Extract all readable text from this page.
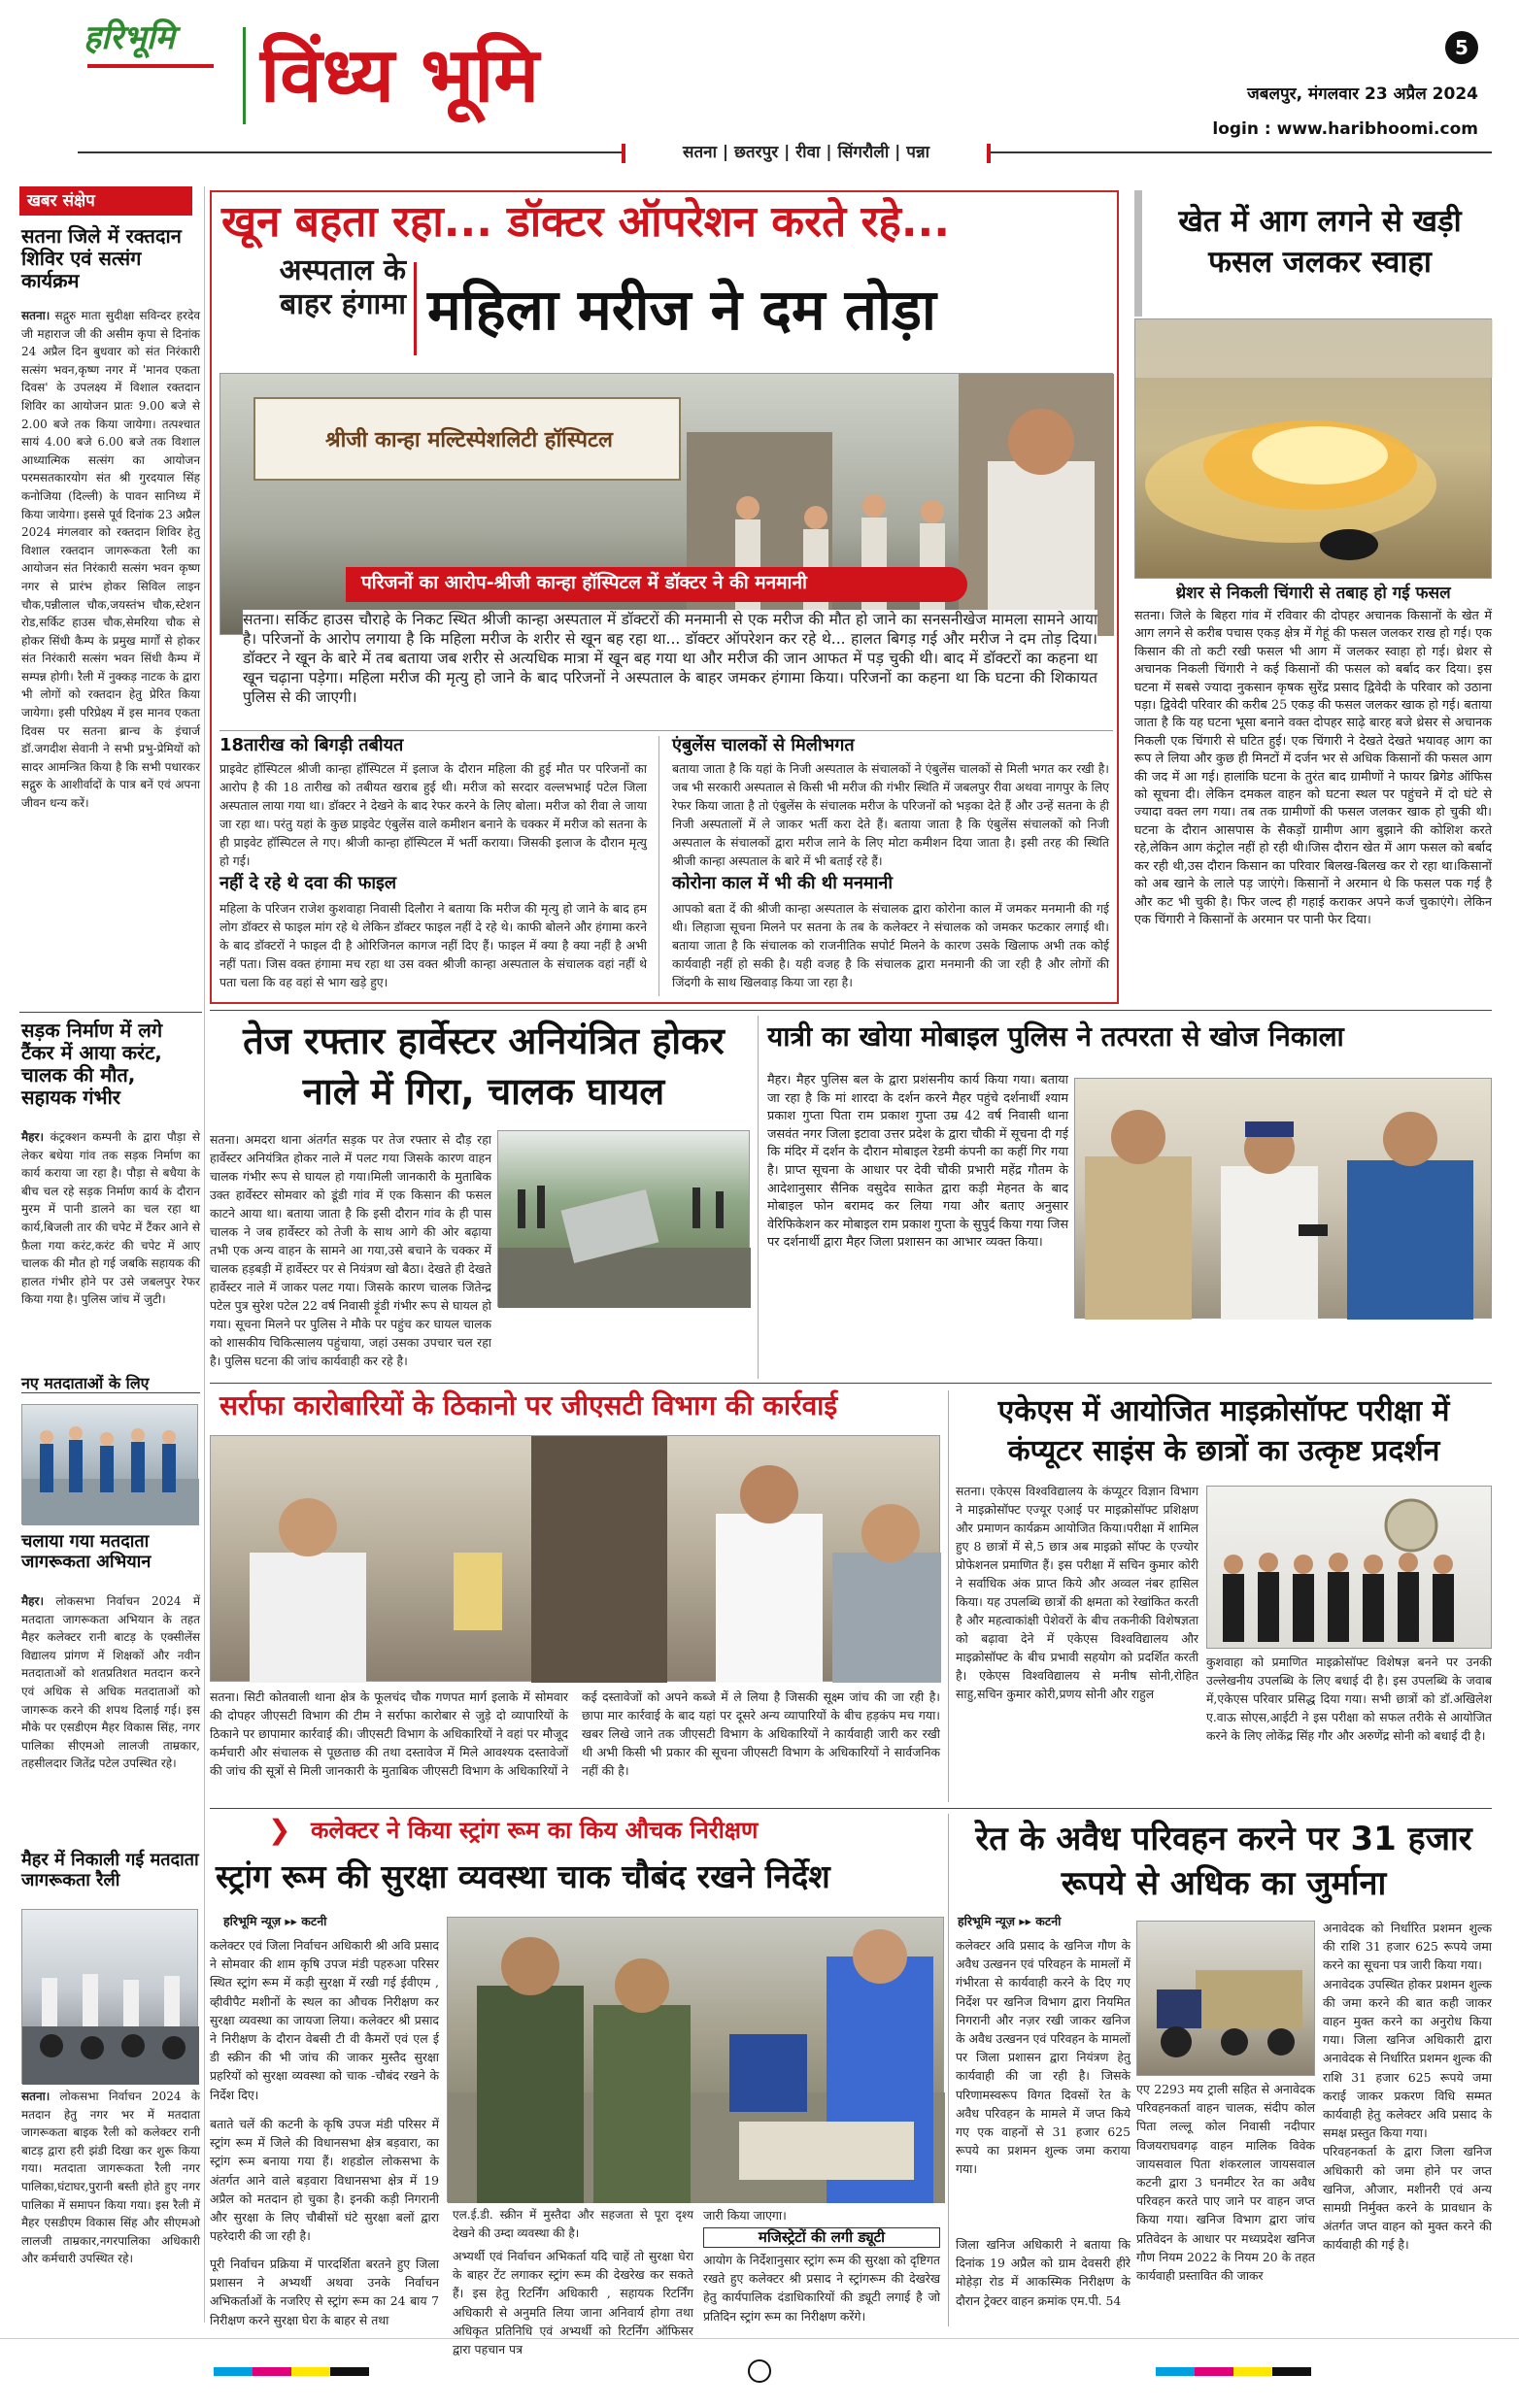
हरिभूमि विंध्य भूमि	5
जबलपुर, मंगलवार 23 अप्रैल 2024
login : www.haribhoomi.com
सतना | छतरपुर | रीवा | सिंगरौली | पन्ना
खबर संक्षेप
सतना जिले में रक्तदान शिविर एवं सत्संग कार्यक्रम
सतना। सद्गुरु माता सुदीक्षा सविन्दर हरदेव जी महाराज जी की असीम कृपा से दिनांक 24 अप्रैल दिन बुधवार को संत निरंकारी सत्संग भवन,कृष्ण नगर में 'मानव एकता दिवस' के उपलक्ष्य में विशाल रक्तदान शिविर का आयोजन प्रातः 9.00 बजे से 2.00 बजे तक किया जायेगा। तत्पश्चात सायं 4.00 बजे 6.00 बजे तक विशाल आध्यात्मिक सत्संग का आयोजन परमसतकारयोग संत श्री गुरदयाल सिंह कनोजिया (दिल्ली) के पावन सानिध्य में किया जायेगा। इससे पूर्व दिनांक 23 अप्रैल 2024 मंगलवार को रक्तदान शिविर हेतु विशाल रक्तदान जागरूकता रैली का आयोजन संत निरंकारी सत्संग भवन कृष्ण नगर से प्रारंभ होकर सिविल लाइन चौक,पन्नीलाल चौक,जयस्तंभ चौक,स्टेशन रोड,सर्किट हाउस चौक,सेमरिया चौक से होकर सिंधी कैम्प के प्रमुख मार्गों से होकर संत निरंकारी सत्संग भवन सिंधी कैम्प में सम्पन्न होगी। रैली में नुक्कड़ नाटक के द्वारा भी लोगों को रक्तदान हेतु प्रेरित किया जायेगा। इसी परिप्रेक्ष्य में इस मानव एकता दिवस पर सतना ब्रान्च के इंचार्ज डॉ.जगदीश सेवानी ने सभी प्रभु-प्रेमियों को सादर आमन्त्रित किया है कि सभी पधारकर सद्गुरु के आशीर्वादों के पात्र बनें एवं अपना जीवन धन्य करें।
सड़क निर्माण में लगे टैंकर में आया करंट, चालक की मौत, सहायक गंभीर
मैहर। कंट्रक्शन कम्पनी के द्वारा पौड़ा से लेकर बधेया गांव तक सड़क निर्माण का कार्य कराया जा रहा है। पौड़ा से बधैया के बीच चल रहे सड़क निर्माण कार्य के दौरान मुरम में पानी डालने का चल रहा था कार्य,बिजली तार की चपेट में टैंकर आने से फ़ैला गया करंट,करंट की चपेट में आए चालक की मौत हो गई जबकि सहायक की हालत गंभीर होने पर उसे जबलपुर रेफर किया गया है। पुलिस जांच में जुटी।
नए मतदाताओं के लिए
चलाया गया मतदाता जागरूकता अभियान
मैहर। लोकसभा निर्वाचन 2024 में मतदाता जागरूकता अभियान के तहत मैहर कलेक्टर रानी बाटड़ के एक्सीलेंस विद्यालय प्रांगण में शिक्षकों और नवीन मतदाताओं को शतप्रतिशत मतदान करने एवं अधिक से अधिक मतदाताओं को जागरूक करने की शपथ दिलाई गई। इस मौके पर एसडीएम मैहर विकास सिंह, नगर पालिका सीएमओ लालजी ताम्रकार, तहसीलदार जितेंद्र पटेल उपस्थित रहे।
मैहर में निकाली गई मतदाता जागरूकता रैली
सतना। लोकसभा निर्वाचन 2024 के मतदान हेतु नगर भर में मतदाता जागरूकता बाइक रैली को कलेक्टर रानी बाटड़ द्वारा हरी झंडी दिखा कर शुरू किया गया। मतदाता जागरूकता रैली नगर पालिका,घंटाघर,पुरानी बस्ती होते हुए नगर पालिका में समापन किया गया। इस रैली में मैहर एसडीएम विकास सिंह और सीएमओ लालजी ताम्रकार,नगरपालिका अधिकारी और कर्मचारी उपस्थित रहे।
खून बहता रहा... डॉक्टर ऑपरेशन करते रहे...
अस्पताल के बाहर हंगामा महिला मरीज ने दम तोड़ा
श्रीजी कान्हा मल्टिस्पेशलिटी हॉस्पिटल
परिजनों का आरोप-श्रीजी कान्हा हॉस्पिटल में डॉक्टर ने की मनमानी
सतना। सर्किट हाउस चौराहे के निकट स्थित श्रीजी कान्हा अस्पताल में डॉक्टरों की मनमानी से एक मरीज की मौत हो जाने का सनसनीखेज मामला सामने आया है। परिजनों के आरोप लगाया है कि महिला मरीज के शरीर से खून बह रहा था... डॉक्टर ऑपरेशन कर रहे थे... हालत बिगड़ गई और मरीज ने दम तोड़ दिया। डॉक्टर ने खून के बारे में तब बताया जब शरीर से अत्यधिक मात्रा में खून बह गया था और मरीज की जान आफत में पड़ चुकी थी। बाद में डॉक्टरों का कहना था खून चढ़ाना पड़ेगा। महिला मरीज की मृत्यु हो जाने के बाद परिजनों ने अस्पताल के बाहर जमकर हंगामा किया। परिजनों का कहना था कि घटना की शिकायत पुलिस से की जाएगी।
18तारीख को बिगड़ी तबीयत
प्राइवेट हॉस्पिटल श्रीजी कान्हा हॉस्पिटल में इलाज के दौरान महिला की हुई मौत पर परिजनों का आरोप है की 18 तारीख को तबीयत खराब हुई थी। मरीज को सरदार वल्लभभाई पटेल जिला अस्पताल लाया गया था। डॉक्टर ने देखने के बाद रेफर करने के लिए बोला। मरीज को रीवा ले जाया जा रहा था। परंतु यहां के कुछ प्राइवेट एंबुलेंस वाले कमीशन बनाने के चक्कर में मरीज को सतना के ही प्राइवेट हॉस्पिटल ले गए। श्रीजी कान्हा हॉस्पिटल में भर्ती कराया। जिसकी इलाज के दौरान मृत्यु हो गई।
नहीं दे रहे थे दवा की फाइल
महिला के परिजन राजेश कुशवाहा निवासी दिलौरा ने बताया कि मरीज की मृत्यु हो जाने के बाद हम लोग डॉक्टर से फाइल मांग रहे थे लेकिन डॉक्टर फाइल नहीं दे रहे थे। काफी बोलने और हंगामा करने के बाद डॉक्टरों ने फाइल दी है ओरिजिनल कागज नहीं दिए हैं। फाइल में क्या है क्या नहीं है अभी नहीं पता। जिस वक्त हंगामा मच रहा था उस वक्त श्रीजी कान्हा अस्पताल के संचालक वहां नहीं थे पता चला कि वह वहां से भाग खड़े हुए।
एंबुलेंस चालकों से मिलीभगत
बताया जाता है कि यहां के निजी अस्पताल के संचालकों ने एंबुलेंस चालकों से मिली भगत कर रखी है। जब भी सरकारी अस्पताल से किसी भी मरीज की गंभीर स्थिति में जबलपुर रीवा अथवा नागपुर के लिए रेफर किया जाता है तो एंबुलेंस के संचालक मरीज के परिजनों को भड़का देते हैं और उन्हें सतना के ही निजी अस्पतालों में ले जाकर भर्ती करा देते हैं। बताया जाता है कि एंबुलेंस संचालकों को निजी अस्पताल के संचालकों द्वारा मरीज लाने के लिए मोटा कमीशन दिया जाता है। इसी तरह की स्थिति श्रीजी कान्हा अस्पताल के बारे में भी बताई रहे हैं।
कोरोना काल में भी की थी मनमानी
आपको बता दें की श्रीजी कान्हा अस्पताल के संचालक द्वारा कोरोना काल में जमकर मनमानी की गई थी। लिहाजा सूचना मिलने पर सतना के तब के कलेक्टर ने संचालक को जमकर फटकार लगाई थी। बताया जाता है कि संचालक को राजनीतिक सपोर्ट मिलने के कारण उसके खिलाफ अभी तक कोई कार्यवाही नहीं हो सकी है। यही वजह है कि संचालक द्वारा मनमानी की जा रही है और लोगों की जिंदगी के साथ खिलवाड़ किया जा रहा है।
खेत में आग लगने से खड़ी फसल जलकर स्वाहा
थ्रेशर से निकली चिंगारी से तबाह हो गई फसल
सतना। जिले के बिहरा गांव में रविवार की दोपहर अचानक किसानों के खेत में आग लगने से करीब पचास एकड़ क्षेत्र में गेहूं की फसल जलकर राख हो गई। एक किसान की तो कटी रखी फसल भी आग में जलकर स्वाहा हो गई। थ्रेशर से अचानक निकली चिंगारी ने कई किसानों की फसल को बर्बाद कर दिया। इस घटना में सबसे ज्यादा नुकसान कृषक सुरेंद्र प्रसाद द्विवेदी के परिवार को उठाना पड़ा। द्विवेदी परिवार की करीब 25 एकड़ की फसल जलकर खाक हो गई। बताया जाता है कि यह घटना भूसा बनाने वक्त दोपहर साढ़े बारह बजे थ्रेसर से अचानक निकली एक चिंगारी से घटित हुई। एक चिंगारी ने देखते देखते भयावह आग का रूप ले लिया और कुछ ही मिनटों में दर्जन भर से अधिक किसानों की फसल आग की जद में आ गई। हालांकि घटना के तुरंत बाद ग्रामीणों ने फायर ब्रिगेड ऑफिस को सूचना दी। लेकिन दमकल वाहन को घटना स्थल पर पहुंचने में दो घंटे से ज्यादा वक्त लग गया। तब तक ग्रामीणों की फसल जलकर खाक हो चुकी थी। घटना के दौरान आसपास के सैकड़ों ग्रामीण आग बुझाने की कोशिश करते रहे,लेकिन आग कंट्रोल नहीं हो रही थी।जिस दौरान खेत में आग फसल को बर्बाद कर रही थी,उस दौरान किसान का परिवार बिलख-बिलख कर रो रहा था।किसानों को अब खाने के लाले पड़ जाएंगे। किसानों ने अरमान थे कि फसल पक गई है और कट भी चुकी है। फिर जल्द ही गहाई कराकर अपने कर्ज चुकाएंगे। लेकिन एक चिंगारी ने किसानों के अरमान पर पानी फेर दिया।
तेज रफ्तार हार्वेस्टर अनियंत्रित होकर नाले में गिरा, चालक घायल
सतना। अमदरा थाना अंतर्गत सड़क पर तेज रफ्तार से दौड़ रहा हार्वेस्टर अनियंत्रित होकर नाले में पलट गया जिसके कारण वाहन चालक गंभीर रूप से घायल हो गया।मिली जानकारी के मुताबिक उक्त हार्वेस्टर सोमवार को डूंडी गांव में एक किसान की फसल काटने आया था। बताया जाता है कि इसी दौरान गांव के ही पास चालक ने जब हार्वेस्टर को तेजी के साथ आगे की ओर बढ़ाया तभी एक अन्य वाहन के सामने आ गया,उसे बचाने के चक्कर में चालक हड़बड़ी में हार्वेस्टर पर से नियंत्रण खो बैठा। देखते ही देखते हार्वेस्टर नाले में जाकर पलट गया। जिसके कारण चालक जितेन्द्र पटेल पुत्र सुरेश पटेल 22 वर्ष निवासी ड़ूंडी गंभीर रूप से घायल हो गया। सूचना मिलने पर पुलिस ने मौके पर पहुंच कर घायल चालक को शासकीय चिकित्सालय पहुंचाया, जहां उसका उपचार चल रहा है। पुलिस घटना की जांच कार्यवाही कर रहे है।
यात्री का खोया मोबाइल पुलिस ने तत्परता से खोज निकाला
मैहर। मैहर पुलिस बल के द्वारा प्रशंसनीय कार्य किया गया। बताया जा रहा है कि मां शारदा के दर्शन करने मैहर पहुंचे दर्शनार्थी श्याम प्रकाश गुप्ता पिता राम प्रकाश गुप्ता उम्र 42 वर्ष निवासी थाना जसवंत नगर जिला इटावा उत्तर प्रदेश के द्वारा चौकी में सूचना दी गई कि मंदिर में दर्शन के दौरान मोबाइल रेडमी कंपनी का कहीं गिर गया है। प्राप्त सूचना के आधार पर देवी चौकी प्रभारी महेंद्र गौतम के आदेशानुसार सैनिक वसुदेव साकेत द्वारा कड़ी मेहनत के बाद मोबाइल फोन बरामद कर लिया गया और बताए अनुसार वेरिफिकेशन कर मोबाइल राम प्रकाश गुप्ता के सुपुर्द किया गया जिस पर दर्शनार्थी द्वारा मैहर जिला प्रशासन का आभार व्यक्त किया।
सर्राफा कारोबारियों के ठिकानो पर जीएसटी विभाग की कार्रवाई
सतना। सिटी कोतवाली थाना क्षेत्र के फूलचंद चौक गणपत मार्ग इलाके में सोमवार की दोपहर जीएसटी विभाग की टीम ने सर्राफा कारोबार से जुड़े दो व्यापारियों के ठिकाने पर छापामार कार्रवाई की। जीएसटी विभाग के अधिकारियों ने वहां पर मौजूद कर्मचारी और संचालक से पूछताछ की तथा दस्तावेज में मिले आवश्यक दस्तावेजों की जांच की सूत्रों से मिली जानकारी के मुताबिक जीएसटी विभाग के अधिकारियों ने कई दस्तावेजों को अपने कब्जे में ले लिया है जिसकी सूक्ष्म जांच की जा रही है। छापा मार कार्रवाई के बाद यहां पर दूसरे अन्य व्यापारियों के बीच हड़कंप मच गया। खबर लिखे जाने तक जीएसटी विभाग के अधिकारियों ने कार्यवाही जारी कर रखी थी अभी किसी भी प्रकार की सूचना जीएसटी विभाग के अधिकारियों ने सार्वजनिक नहीं की है।
एकेएस में आयोजित माइक्रोसॉफ्ट परीक्षा में कंप्यूटर साइंस के छात्रों का उत्कृष्ट प्रदर्शन
सतना। एकेएस विश्वविद्यालय के कंप्यूटर विज्ञान विभाग ने माइक्रोसॉफ्ट एज्यूर एआई पर माइक्रोसॉफ्ट प्रशिक्षण और प्रमाणन कार्यक्रम आयोजित किया।परीक्षा में शामिल हुए 8 छात्रों में से,5 छात्र अब माइक्रो सॉफ्ट के एज्योर प्रोफेशनल प्रमाणित हैं। इस परीक्षा में सचिन कुमार कोरी ने सर्वाधिक अंक प्राप्त किये और अव्वल नंबर हासिल किया। यह उपलब्धि छात्रों की क्षमता को रेखांकित करती है और महत्वाकांक्षी पेशेवरों के बीच तकनीकी विशेषज्ञता को बढ़ावा देने में एकेएस विश्वविद्यालय और माइक्रोसॉफ्ट के बीच प्रभावी सहयोग को प्रदर्शित करती है। एकेएस विश्वविद्यालय से मनीष सोनी,रोहित साहु,सचिन कुमार कोरी,प्रणय सोनी और राहुल
कुशवाहा को प्रमाणित माइक्रोसॉफ्ट विशेषज्ञ बनने पर उनकी उल्लेखनीय उपलब्धि के लिए बधाई दी है। इस उपलब्धि के जवाब में,एकेएस परिवार प्रसिद्ध दिया गया। सभी छात्रों को डॉ.अखिलेश ए.वाऊ सोएस,आईटी ने इस परीक्षा को सफल तरीके से आयोजित करने के लिए लोकेंद्र सिंह गौर और अरुणेंद्र सोनी को बधाई दी है।
❯ कलेक्टर ने किया स्ट्रांग रूम का किय औचक निरीक्षण
स्ट्रांग रूम की सुरक्षा व्यवस्था चाक चौबंद रखने निर्देश
हरिभूमि न्यूज़ ▸▸ कटनी
कलेक्टर एवं जिला निर्वाचन अधिकारी श्री अवि प्रसाद ने सोमवार की शाम कृषि उपज मंडी पहरुआ परिसर स्थित स्ट्रांग रूम में कड़ी सुरक्षा में रखी गई ईवीएम , व्हीवीपैट मशीनों के स्थल का औचक निरीक्षण कर सुरक्षा व्यवस्था का जायजा लिया। कलेक्टर श्री प्रसाद ने निरीक्षण के दौरान वेबसी टी वी कैमरों एवं एल ई डी स्क्रीन की भी जांच की जाकर मुस्तैद सुरक्षा प्रहरियों को सुरक्षा व्यवस्था को चाक -चौबंद रखने के निर्देश दिए।
बताते चलें की कटनी के कृषि उपज मंडी परिसर में स्ट्रांग रूम में जिले की विधानसभा क्षेत्र बड़वारा, का स्ट्रांग रूम बनाया गया हैं। शहडोल लोकसभा के अंतर्गत आने वाले बड़वारा विधानसभा क्षेत्र में 19 अप्रैल को मतदान हो चुका है। इनकी कड़ी निगरानी और सुरक्षा के लिए चौबीसों घंटे सुरक्षा बलों द्वारा पहरेदारी की जा रही है।
पूरी निर्वाचन प्रक्रिया में पारदर्शिता बरतने हुए जिला प्रशासन ने अभ्यर्थी अथवा उनके निर्वाचन अभिकर्ताओं के नजरिए से स्ट्रांग रूम का 24 बाय 7 निरीक्षण करने सुरक्षा घेरा के बाहर से तथा
एल.ई.डी. स्क्रीन में मुस्तैदा और सहजता से पूरा दृश्य देखने की उम्दा व्यवस्था की है।
अभ्यर्थी एवं निर्वाचन अभिकर्ता यदि चाहें तो सुरक्षा घेरा के बाहर टेंट लगाकर स्ट्रांग रूम की देखरेख कर सकते हैं। इस हेतु रिटर्निंग अधिकारी , सहायक रिटर्निंग अधिकारी से अनुमति लिया जाना अनिवार्य होगा तथा अधिकृत प्रतिनिधि एवं अभ्यर्थी को रिटर्निंग ऑफिसर द्वारा पहचान पत्र
जारी किया जाएगा।
मजिस्ट्रेटों की लगी ड्यूटी
आयोग के निर्देशानुसार स्ट्रांग रूम की सुरक्षा को दृष्टिगत रखते हुए कलेक्टर श्री प्रसाद ने स्ट्रांगरूम की देखरेख हेतु कार्यपालिक दंडाधिकारियों की ड्यूटी लगाई है जो प्रतिदिन स्ट्रांग रूम का निरीक्षण करेंगे।
रेत के अवैध परिवहन करने पर 31 हजार रूपये से अधिक का जुर्माना
हरिभूमि न्यूज़ ▸▸ कटनी
कलेक्टर अवि प्रसाद के खनिज गौण के अवैध उत्खनन एवं परिवहन के मामलों में गंभीरता से कार्यवाही करने के दिए गए निर्देश पर खनिज विभाग द्वारा नियमित निगरानी और नज़र रखी जाकर खनिज के अवैध उत्खनन एवं परिवहन के मामलों पर जिला प्रशासन द्वारा नियंत्रण हेतु कार्यवाही की जा रही है। जिसके परिणामस्वरूप विगत दिवसों रेत के अवैध परिवहन के मामले में जप्त किये गए एक वाहनों से 31 हजार 625 रूपये का प्रशमन शुल्क जमा कराया गया।
जिला खनिज अधिकारी ने बताया कि दिनांक 19 अप्रैल को ग्राम देवसरी हीरे मोहेड़ा रोड में आकस्मिक निरीक्षण के दौरान ट्रेक्टर वाहन क्रमांक एम.पी. 54
एए 2293 मय ट्राली सहित से अनावेदक परिवहनकर्ता वाहन चालक, संदीप कोल पिता लल्लू कोल निवासी नदीपार विजयराघवगढ़ वाहन मालिक विवेक जायसवाल पिता शंकरलाल जायसवाल कटनी द्वारा 3 घनमीटर रेत का अवैध परिवहन करते पाए जाने पर वाहन जप्त किया गया। खनिज विभाग द्वारा जांच प्रतिवेदन के आधार पर मध्यप्रदेश खनिज गौण नियम 2022 के नियम 20 के तहत कार्यवाही प्रस्तावित की जाकर
अनावेदक को निर्धारित प्रशमन शुल्क की राशि 31 हजार 625 रूपये जमा करने का सूचना पत्र जारी किया गया।
अनावेदक उपस्थित होकर प्रशमन शुल्क की जमा करने की बात कही जाकर वाहन मुक्त करने का अनुरोध किया गया। जिला खनिज अधिकारी द्वारा अनावेदक से निर्धारित प्रशमन शुल्क की राशि 31 हजार 625 रूपये जमा कराई जाकर प्रकरण विधि सम्मत कार्यवाही हेतु कलेक्टर अवि प्रसाद के समक्ष प्रस्तुत किया गया।
परिवहनकर्ता के द्वारा जिला खनिज अधिकारी को जमा होने पर जप्त खनिज, औजार, मशीनरी एवं अन्य सामग्री निर्मुक्त करने के प्रावधान के अंतर्गत जप्त वाहन को मुक्त करने की कार्यवाही की गई है।
